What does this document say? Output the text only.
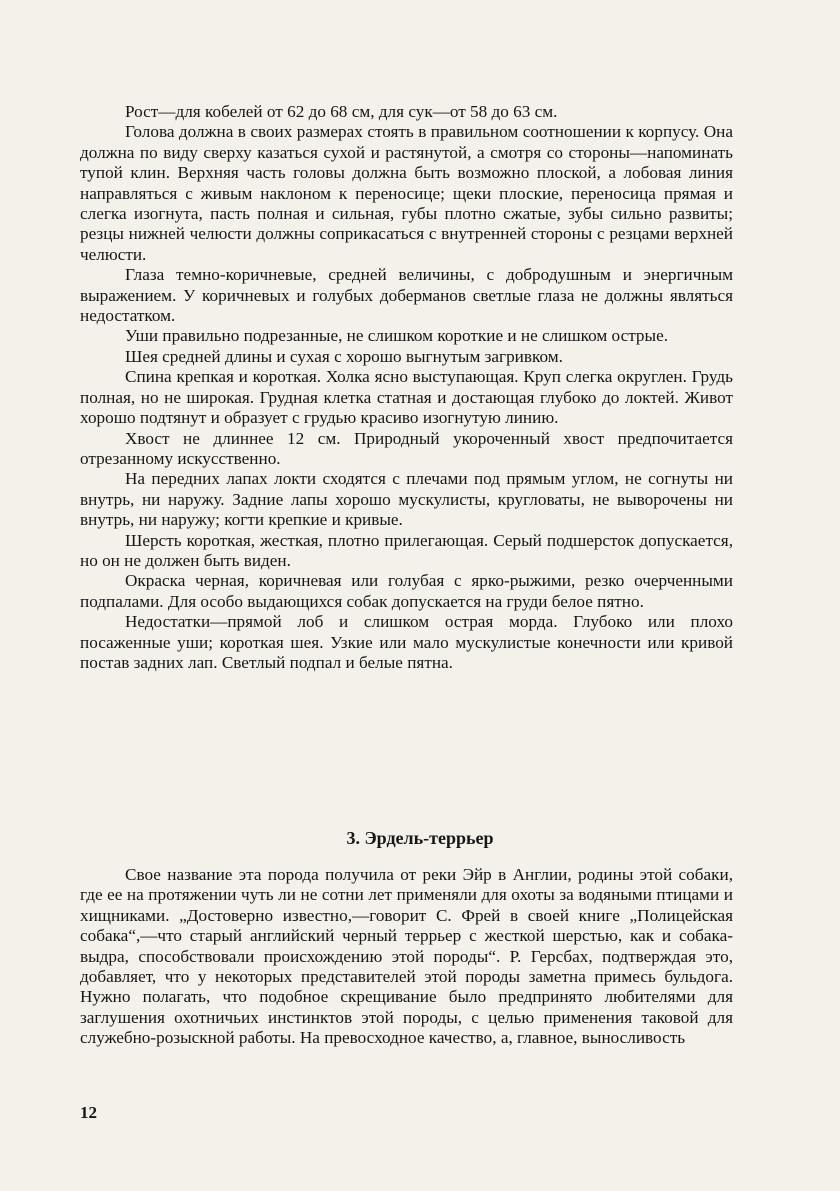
Рост—для кобелей от 62 до 68 см, для сук—от 58 до 63 см.

Голова должна в своих размерах стоять в правильном соотношении к корпусу. Она должна по виду сверху казаться сухой и растянутой, а смотря со стороны—напоминать тупой клин. Верхняя часть головы должна быть возможно плоской, а лобовая линия направляться с живым наклоном к переносице; щеки плоские, переносица прямая и слегка изогнута, пасть полная и сильная, губы плотно сжатые, зубы сильно развиты; резцы нижней челюсти должны соприкасаться с внутренней стороны с резцами верхней челюсти.

Глаза темно-коричневые, средней величины, с добродушным и энергичным выражением. У коричневых и голубых доберманов светлые глаза не должны являться недостатком.

Уши правильно подрезанные, не слишком короткие и не слишком острые.

Шея средней длины и сухая с хорошо выгнутым загривком.

Спина крепкая и короткая. Холка ясно выступающая. Круп слегка округлен. Грудь полная, но не широкая. Грудная клетка статная и достающая глубоко до локтей. Живот хорошо подтянут и образует с грудью красиво изогнутую линию.

Хвост не длиннее 12 см. Природный укороченный хвост предпочитается отрезанному искусственно.

На передних лапах локти сходятся с плечами под прямым углом, не согнуты ни внутрь, ни наружу. Задние лапы хорошо мускулисты, кругловаты, не выворочены ни внутрь, ни наружу; когти крепкие и кривые.

Шерсть короткая, жесткая, плотно прилегающая. Серый подшерсток допускается, но он не должен быть виден.

Окраска черная, коричневая или голубая с ярко-рыжими, резко очерченными подпалами. Для особо выдающихся собак допускается на груди белое пятно.

Недостатки—прямой лоб и слишком острая морда. Глубоко или плохо посаженные уши; короткая шея. Узкие или мало мускулистые конечности или кривой постав задних лап. Светлый подпал и белые пятна.

3. Эрдель-террьер

Свое название эта порода получила от реки Эйр в Англии, родины этой собаки, где ее на протяжении чуть ли не сотни лет применяли для охоты за водяными птицами и хищниками. „Достоверно известно,—говорит С. Фрей в своей книге „Полицейская собака“,—что старый английский черный террьер с жесткой шерстью, как и собака-выдра, способствовали происхождению этой породы“. Р. Герсбах, подтверждая это, добавляет, что у некоторых представителей этой породы заметна примесь бульдога. Нужно полагать, что подобное скрещивание было предпринято любителями для заглушения охотничьих инстинктов этой породы, с целью применения таковой для служебно-розыскной работы. На превосходное качество, а, главное, выносливость

12
